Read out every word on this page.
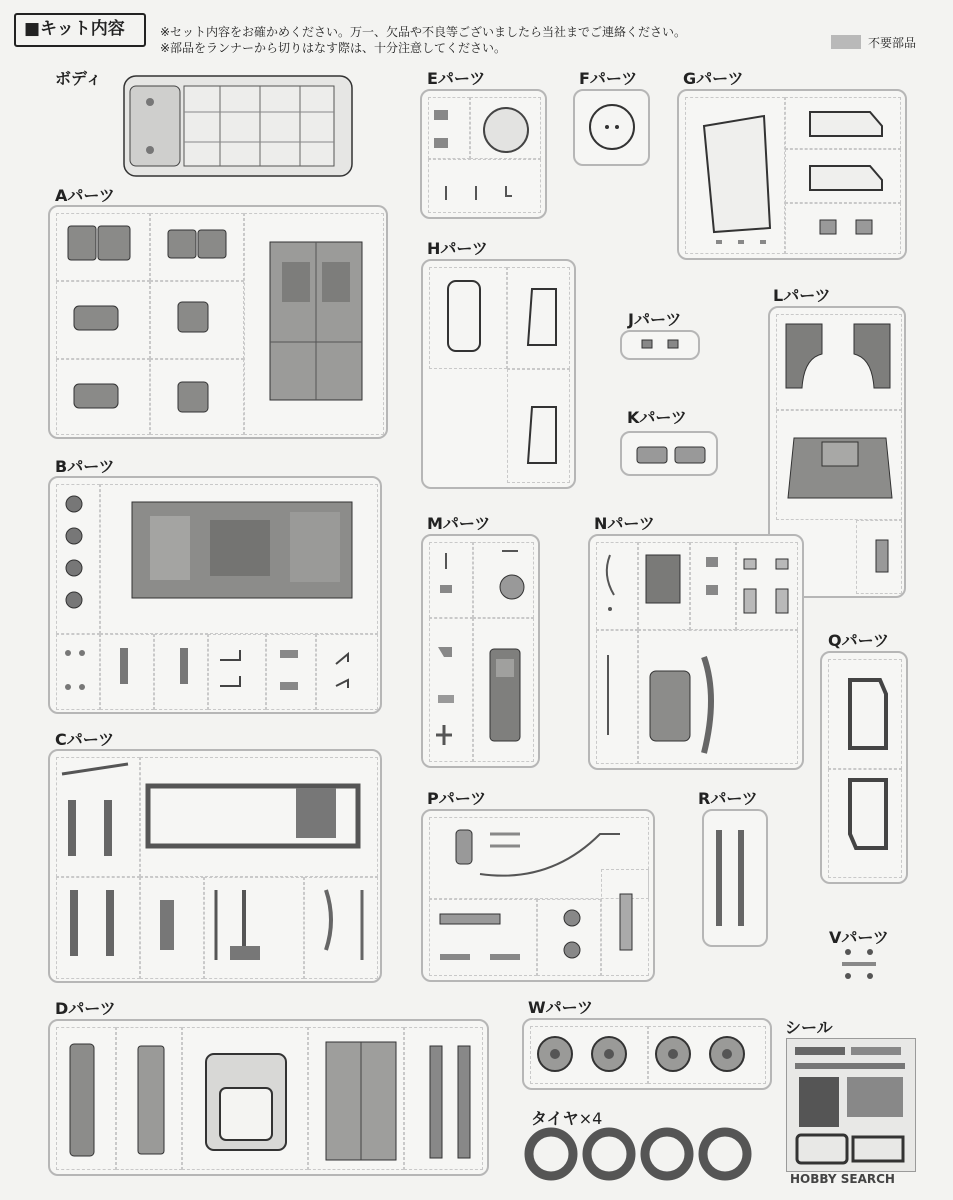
■キット内容	※セット内容をお確かめください。万一、欠品や不良等ございましたら当社までご連絡ください。
※部品をランナーから切りはなす際は、十分注意してください。	不要部品
ボディ
Aパーツ
Bパーツ
Cパーツ
Dパーツ
Eパーツ	Fパーツ	Gパーツ
Hパーツ
Jパーツ
Kパーツ
Lパーツ
Mパーツ	Nパーツ
Pパーツ
Qパーツ
Rパーツ
Vパーツ
Wパーツ
タイヤ×4
シール
HOBBY SEARCH
